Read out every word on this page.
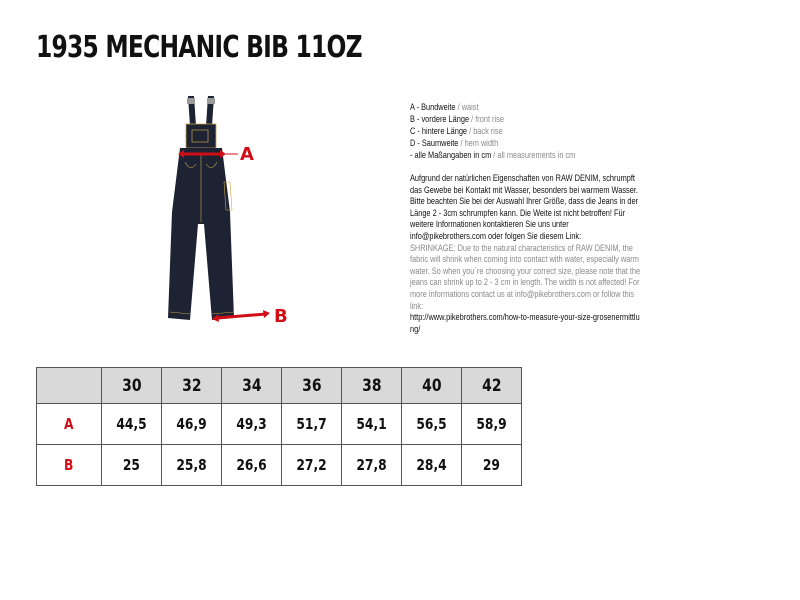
1935 MECHANIC BIB 11OZ
A
B
A - Bundweite / waist
B - vordere Länge / front rise
C - hintere Länge / back rise
D - Saumweite / hem width
- alle Maßangaben in cm / all measurements in cm

Aufgrund der natürlichen Eigenschaften von RAW DENIM, schrumpft das Gewebe bei Kontakt mit Wasser, besonders bei warmem Wasser. Bitte beachten Sie bei der Auswahl Ihrer Größe, dass die Jeans in der Länge 2 - 3cm schrumpfen kann. Die Weite ist nicht betroffen! Für weitere Informationen kontaktieren Sie uns unter info@pikebrothers.com oder folgen Sie diesem Link:

SHRINKAGE: Due to the natural characteristics of RAW DENIM, the fabric will shrink when coming into contact with water, especially warm water. So when you´re choosing your correct size, please note that the jeans can shrink up to 2 - 3 cm in length. The width is not affected! For more informations contact us at info@pikebrothers.com or follow this link:

http://www.pikebrothers.com/how-to-measure-your-size-grosenermittlung/

	30	32	34	36	38	40	42
A	44,5	46,9	49,3	51,7	54,1	56,5	58,9
B	25	25,8	26,6	27,2	27,8	28,4	29
